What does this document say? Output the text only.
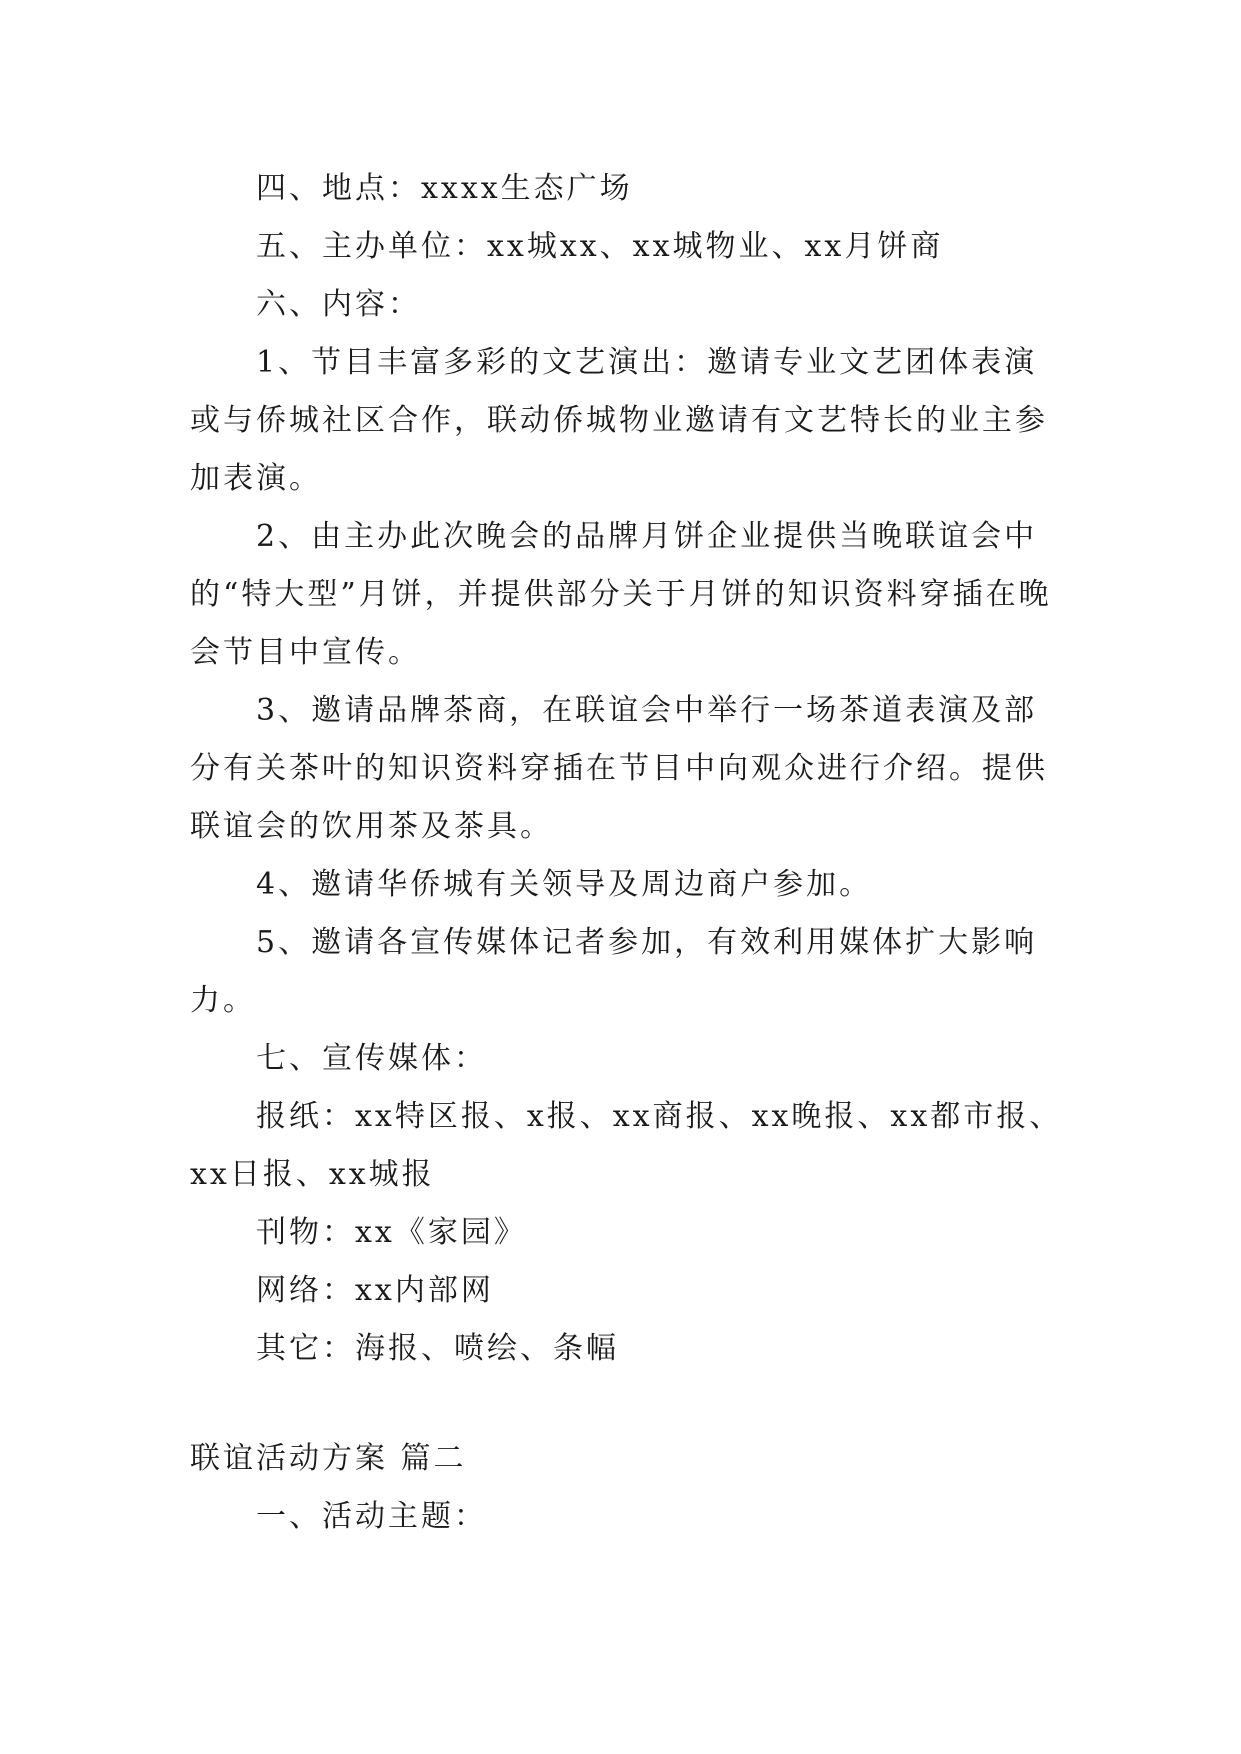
四、地点：xxxx生态广场

五、主办单位：xx城xx、xx城物业、xx月饼商

六、内容：

1、节目丰富多彩的文艺演出：邀请专业文艺团体表演或与侨城社区合作，联动侨城物业邀请有文艺特长的业主参加表演。

2、由主办此次晚会的品牌月饼企业提供当晚联谊会中的“特大型”月饼，并提供部分关于月饼的知识资料穿插在晚会节目中宣传。

3、邀请品牌茶商，在联谊会中举行一场茶道表演及部分有关茶叶的知识资料穿插在节目中向观众进行介绍。提供联谊会的饮用茶及茶具。

4、邀请华侨城有关领导及周边商户参加。

5、邀请各宣传媒体记者参加，有效利用媒体扩大影响力。

七、宣传媒体：

报纸：xx特区报、x报、xx商报、xx晚报、xx都市报、xx日报、xx城报

刊物：xx《家园》

网络：xx内部网

其它：海报、喷绘、条幅

联谊活动方案 篇二

一、活动主题：
